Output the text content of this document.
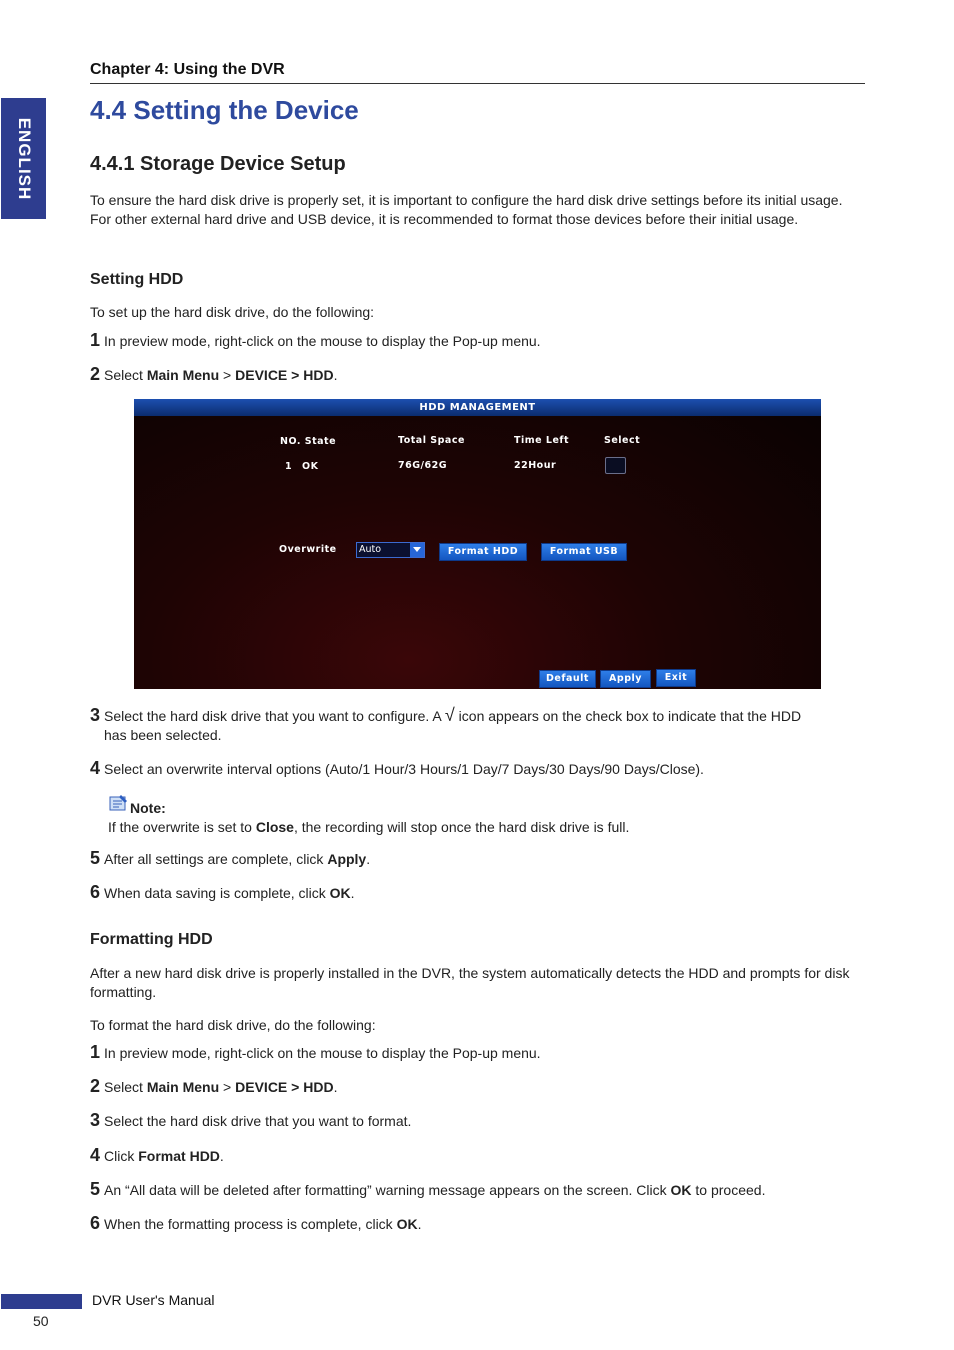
ENGLISH
Chapter 4: Using the DVR
4.4 Setting the Device
4.4.1 Storage Device Setup
To ensure the hard disk drive is properly set, it is important to configure the hard disk drive settings before its initial usage. For other external hard drive and USB device, it is recommended to format those devices before their initial usage.
Setting HDD
To set up the hard disk drive, do the following:
1 In preview mode, right-click on the mouse to display the Pop-up menu.
2 Select Main Menu > DEVICE > HDD.
HDD MANAGEMENT
NO. State	Total Space	Time Left	Select
1 OK	76G/62G	22Hour
Overwrite Auto	Format HDD	Format USB
Default	Apply	Exit
3 Select the hard disk drive that you want to configure. A √ icon appears on the check box to indicate that the HDD
has been selected.
4 Select an overwrite interval options (Auto/1 Hour/3 Hours/1 Day/7 Days/30 Days/90 Days/Close).
Note:
If the overwrite is set to Close, the recording will stop once the hard disk drive is full.
5 After all settings are complete, click Apply.
6 When data saving is complete, click OK.
Formatting HDD
After a new hard disk drive is properly installed in the DVR, the system automatically detects the HDD and prompts for disk formatting.
To format the hard disk drive, do the following:
1 In preview mode, right-click on the mouse to display the Pop-up menu.
2 Select Main Menu > DEVICE > HDD.
3 Select the hard disk drive that you want to format.
4 Click Format HDD.
5 An “All data will be deleted after formatting” warning message appears on the screen. Click OK to proceed.
6 When the formatting process is complete, click OK.
DVR User's Manual
50
